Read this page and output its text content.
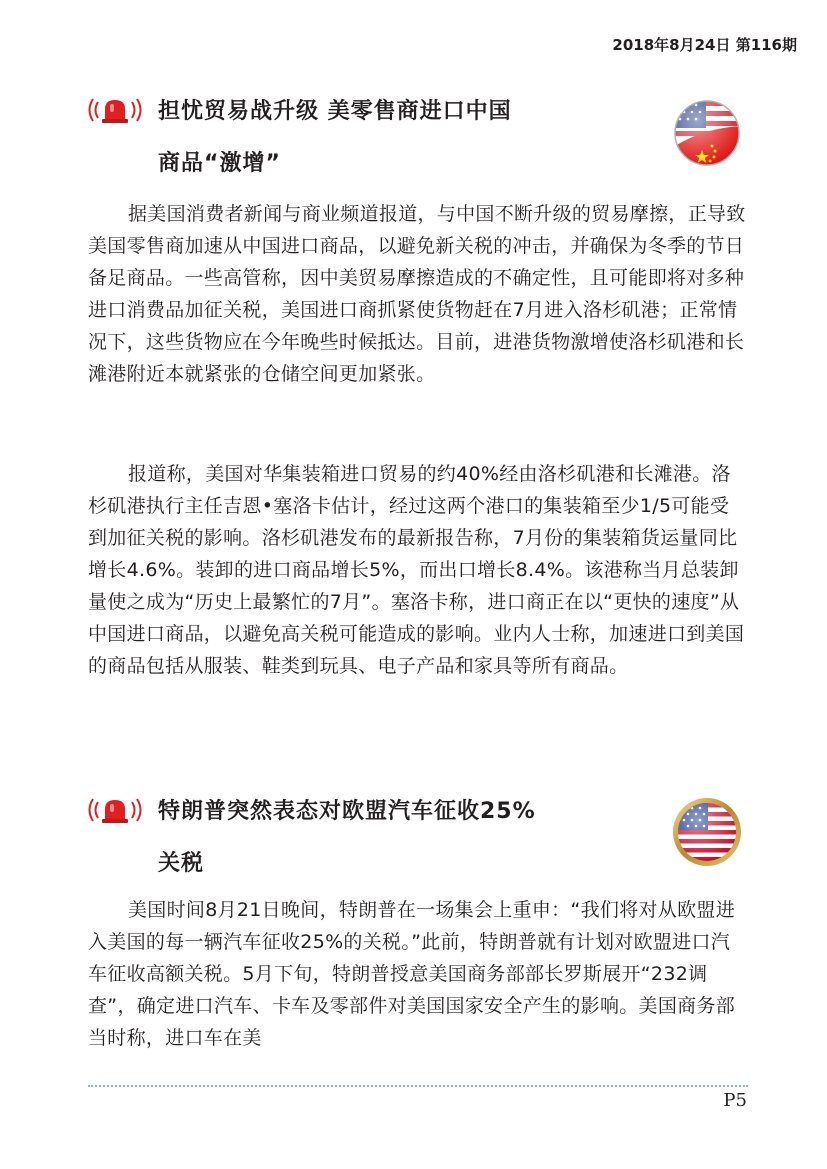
2018年8月24日 第116期
担忧贸易战升级 美零售商进口中国
商品“激增”

据美国消费者新闻与商业频道报道，与中国不断升级的贸易摩擦，正导致美国零售商加速从中国进口商品，以避免新关税的冲击，并确保为冬季的节日备足商品。一些高管称，因中美贸易摩擦造成的不确定性，且可能即将对多种进口消费品加征关税，美国进口商抓紧使货物赶在7月进入洛杉矶港；正常情况下，这些货物应在今年晚些时候抵达。目前，进港货物激增使洛杉矶港和长滩港附近本就紧张的仓储空间更加紧张。

报道称，美国对华集装箱进口贸易的约40%经由洛杉矶港和长滩港。洛杉矶港执行主任吉恩•塞洛卡估计，经过这两个港口的集装箱至少1/5可能受到加征关税的影响。洛杉矶港发布的最新报告称，7月份的集装箱货运量同比增长4.6%。装卸的进口商品增长5%，而出口增长8.4%。该港称当月总装卸量使之成为“历史上最繁忙的7月”。塞洛卡称，进口商正在以“更快的速度”从中国进口商品，以避免高关税可能造成的影响。业内人士称，加速进口到美国的商品包括从服装、鞋类到玩具、电子产品和家具等所有商品。

特朗普突然表态对欧盟汽车征收25%
关税

美国时间8月21日晚间，特朗普在一场集会上重申：“我们将对从欧盟进入美国的每一辆汽车征收25%的关税。”此前，特朗普就有计划对欧盟进口汽车征收高额关税。5月下旬，特朗普授意美国商务部部长罗斯展开“232调查”，确定进口汽车、卡车及零部件对美国国家安全产生的影响。美国商务部当时称，进口车在美

P5
